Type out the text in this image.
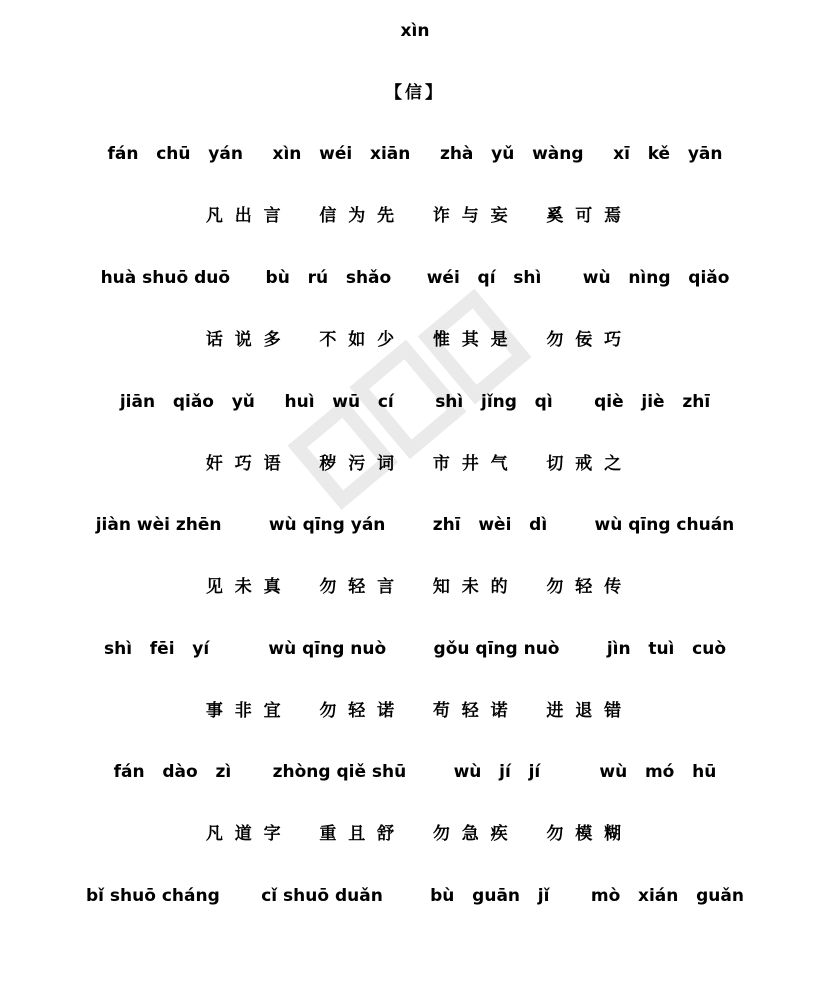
xìn
【信】
fán   chū   yán     xìn   wéi   xiān     zhà   yǔ   wàng     xī   kě   yān
凡 出 言    信 为 先    诈 与 妄    奚 可 焉
huà shuō duō      bù   rú   shǎo      wéi   qí   shì       wù   nìng   qiǎo
话 说 多    不 如 少    惟 其 是    勿 佞 巧
jiān   qiǎo   yǔ     huì   wū   cí       shì   jǐng   qì       qiè   jiè   zhī
奸 巧 语    秽 污 词    市 井 气    切 戒 之
jiàn wèi zhēn        wù qīng yán        zhī   wèi   dì        wù qīng chuán
见 未 真    勿 轻 言    知 未 的    勿 轻 传
shì   fēi   yí          wù qīng nuò        gǒu qīng nuò        jìn   tuì   cuò
事 非 宜    勿 轻 诺    苟 轻 诺    进 退 错
fán   dào   zì       zhòng qiě shū        wù   jí   jí          wù   mó   hū
凡 道 字    重 且 舒    勿 急 疾    勿 模 糊
bǐ shuō cháng       cǐ shuō duǎn        bù   guān   jǐ       mò   xián   guǎn
